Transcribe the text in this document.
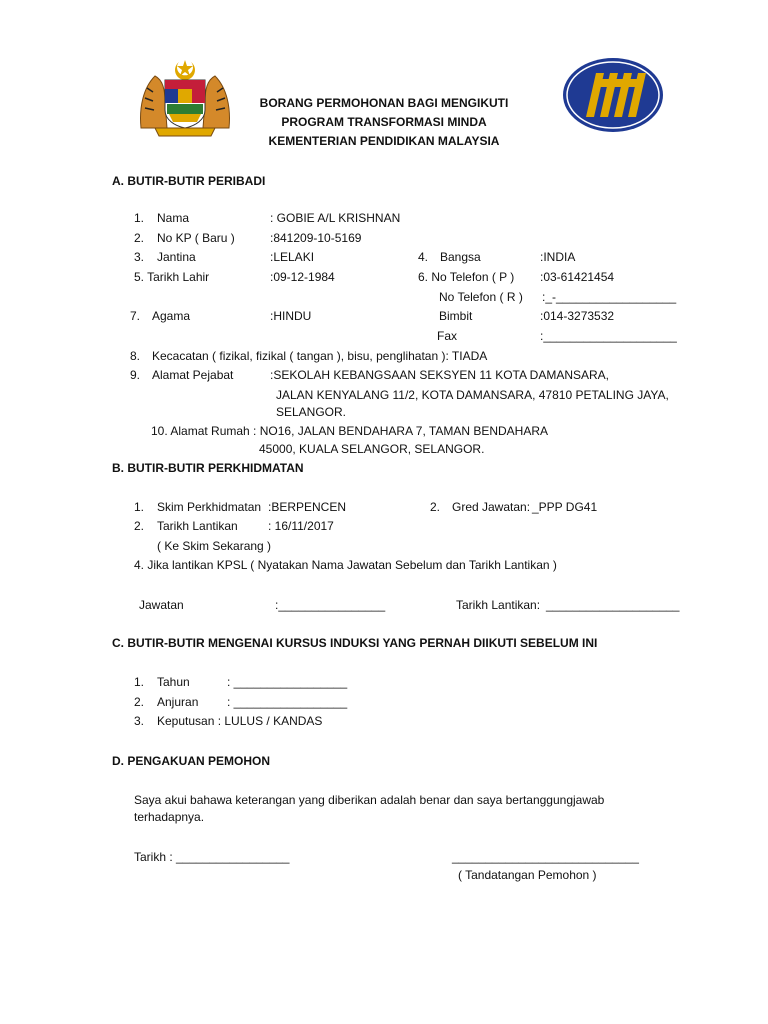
BORANG PERMOHONAN BAGI MENGIKUTI
PROGRAM TRANSFORMASI MINDA
KEMENTERIAN PENDIDIKAN MALAYSIA
A. BUTIR-BUTIR PERIBADI
1. Nama	: GOBIE A/L KRISHNAN
2. No KP ( Baru )	:841209-10-5169
3. Jantina	:LELAKI	4. Bangsa	:INDIA
5. Tarikh Lahir	:09-12-1984	6. No Telefon ( P ) :03-61421454
No Telefon ( R ) :_-__________________
7. Agama	:HINDU	Bimbit	:014-3273532
Fax	:____________________
8. Kecacatan ( fizikal, fizikal ( tangan ), bisu, penglihatan ): TIADA
9. Alamat Pejabat	:SEKOLAH KEBANGSAAN SEKSYEN 11 KOTA DAMANSARA,
JALAN KENYALANG 11/2, KOTA DAMANSARA, 47810 PETALING JAYA,
SELANGOR.
10. Alamat Rumah : NO16, JALAN BENDAHARA 7, TAMAN BENDAHARA
45000, KUALA SELANGOR, SELANGOR.
B. BUTIR-BUTIR PERKHIDMATAN
1. Skim Perkhidmatan :BERPENCEN	2. Gred Jawatan: _PPP DG41
2. Tarikh Lantikan	: 16/11/2017
( Ke Skim Sekarang )
4. Jika lantikan KPSL ( Nyatakan Nama Jawatan Sebelum dan Tarikh Lantikan )
Jawatan	:________________	Tarikh Lantikan: ____________________
C. BUTIR-BUTIR MENGENAI KURSUS INDUKSI YANG PERNAH DIIKUTI SEBELUM INI
1. Tahun	: _________________
2. Anjuran : _________________
3. Keputusan : LULUS / KANDAS
D. PENGAKUAN PEMOHON
Saya akui bahawa keterangan yang diberikan adalah benar dan saya bertanggungjawab
terhadapnya.
Tarikh : _________________	____________________________
( Tandatangan Pemohon )
